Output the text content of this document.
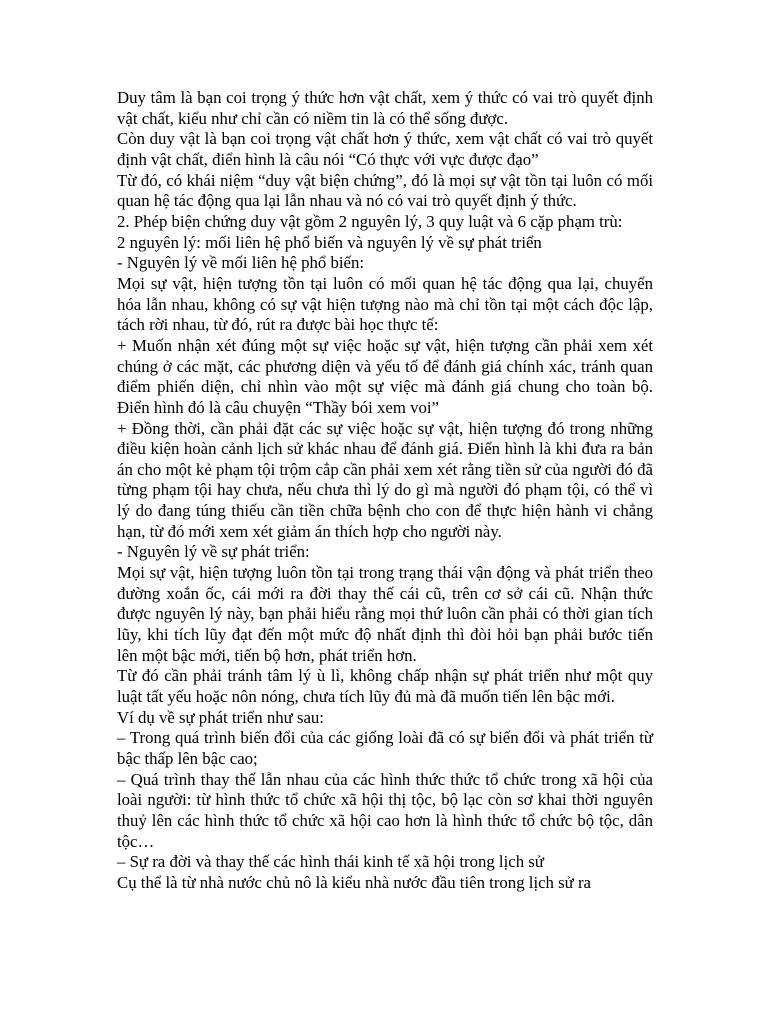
Duy tâm là bạn coi trọng ý thức hơn vật chất, xem ý thức có vai trò quyết định vật chất, kiểu như chỉ cần có niềm tin là có thể sống được.

Còn duy vật là bạn coi trọng vật chất hơn ý thức, xem vật chất có vai trò quyết định vật chất, điển hình là câu nói “Có thực với vực được đạo”

Từ đó, có khái niệm “duy vật biện chứng”, đó là mọi sự vật tồn tại luôn có mối quan hệ tác động qua lại lẫn nhau và nó có vai trò quyết định ý thức.

2. Phép biện chứng duy vật gồm 2 nguyên lý, 3 quy luật và 6 cặp phạm trù:

2 nguyên lý: mối liên hệ phổ biến và nguyên lý về sự phát triển

- Nguyên lý về mối liên hệ phổ biến:

Mọi sự vật, hiện tượng tồn tại luôn có mối quan hệ tác động qua lại, chuyển hóa lẫn nhau, không có sự vật hiện tượng nào mà chỉ tồn tại một cách độc lập, tách rời nhau, từ đó, rút ra được bài học thực tế:

+ Muốn nhận xét đúng một sự việc hoặc sự vật, hiện tượng cần phải xem xét chúng ở các mặt, các phương diện và yếu tố để đánh giá chính xác, tránh quan điểm phiến diện, chỉ nhìn vào một sự việc mà đánh giá chung cho toàn bộ. Điển hình đó là câu chuyện “Thầy bói xem voi”

+ Đồng thời, cần phải đặt các sự việc hoặc sự vật, hiện tượng đó trong những điều kiện hoàn cảnh lịch sử khác nhau để đánh giá. Điển hình là khi đưa ra bản án cho một kẻ phạm tội trộm cắp cần phải xem xét rằng tiền sử của người đó đã từng phạm tội hay chưa, nếu chưa thì lý do gì mà người đó phạm tội, có thể vì lý do đang túng thiếu cần tiền chữa bệnh cho con để thực hiện hành vi chẳng hạn, từ đó mới xem xét giảm án thích hợp cho người này.

- Nguyên lý về sự phát triển:

Mọi sự vật, hiện tượng luôn tồn tại trong trạng thái vận động và phát triển theo đường xoắn ốc, cái mới ra đời thay thế cái cũ, trên cơ sở cái cũ. Nhận thức được nguyên lý này, bạn phải hiểu rằng mọi thứ luôn cần phải có thời gian tích lũy, khi tích lũy đạt đến một mức độ nhất định thì đòi hỏi bạn phải bước tiến lên một bậc mới, tiến bộ hơn, phát triển hơn.

Từ đó cần phải tránh tâm lý ù lì, không chấp nhận sự phát triển như một quy luật tất yếu hoặc nôn nóng, chưa tích lũy đủ mà đã muốn tiến lên bậc mới.

Ví dụ về sự phát triển như sau:

– Trong quá trình biến đổi của các giống loài đã có sự biến đổi và phát triển từ bậc thấp lên bậc cao;

– Quá trình thay thế lẫn nhau của các hình thức thức tổ chức trong xã hội của loài người: từ hình thức tổ chức xã hội thị tộc, bộ lạc còn sơ khai thời nguyên thuỷ lên các hình thức tổ chức xã hội cao hơn là hình thức tổ chức bộ tộc, dân tộc…

– Sự ra đời và thay thế các hình thái kinh tế xã hội trong lịch sử

Cụ thể là từ nhà nước chủ nô là kiểu nhà nước đầu tiên trong lịch sử ra
